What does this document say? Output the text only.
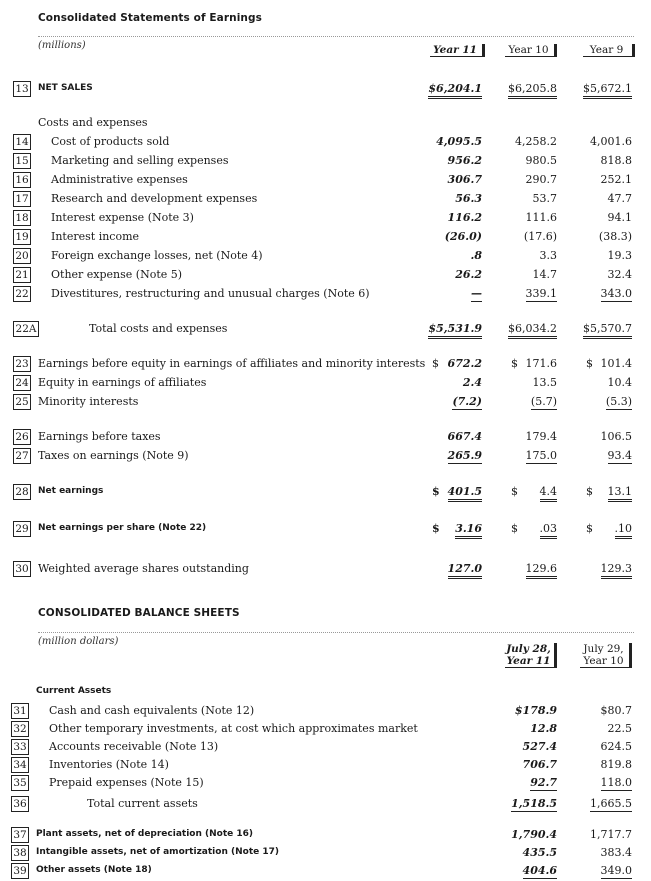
Consolidated Statements of Earnings
(millions)	Year 11	Year 10	Year 9
13 NET SALES	$6,204.1	$6,205.8	$5,672.1
Costs and expenses
14 Cost of products sold	4,095.5	4,258.2	4,001.6
15 Marketing and selling expenses	956.2	980.5	818.8
16 Administrative expenses	306.7	290.7	252.1
17 Research and development expenses	56.3	53.7	47.7
18 Interest expense (Note 3)	116.2	111.6	94.1
19 Interest income	(26.0)	(17.6)	(38.3)
20 Foreign exchange losses, net (Note 4)	.8	3.3	19.3
21 Other expense (Note 5)	26.2	14.7	32.4
22 Divestitures, restructuring and unusual charges (Note 6)	—	339.1	343.0
22A	Total costs and expenses	$5,531.9	$6,034.2	$5,570.7
23 Earnings before equity in earnings of affiliates and minority interests $ 672.2	$ 171.6	$ 101.4
24 Equity in earnings of affiliates	2.4	13.5	10.4
25 Minority interests	(7.2)	(5.7)	(5.3)
26 Earnings before taxes	667.4	179.4	106.5
27 Taxes on earnings (Note 9)	265.9	175.0	93.4
28 Net earnings	$ 401.5	$	4.4	$	13.1
29 Net earnings per share (Note 22)	$	3.16	$	.03	$	.10
30 Weighted average shares outstanding	127.0	129.6	129.3
CONSOLIDATED BALANCE SHEETS
(million dollars)
July 28,
Year 11
July 29,
Year 10
Current Assets
31 Cash and cash equivalents (Note 12)	$178.9	$80.7
32 Other temporary investments, at cost which approximates market	12.8	22.5
33 Accounts receivable (Note 13)	527.4	624.5
34 Inventories (Note 14)	706.7	819.8
35 Prepaid expenses (Note 15)	92.7	118.0
36	Total current assets	1,518.5	1,665.5
37 Plant assets, net of depreciation (Note 16)	1,790.4	1,717.7
38 Intangible assets, net of amortization (Note 17)	435.5	383.4
39 Other assets (Note 18)	404.6	349.0
